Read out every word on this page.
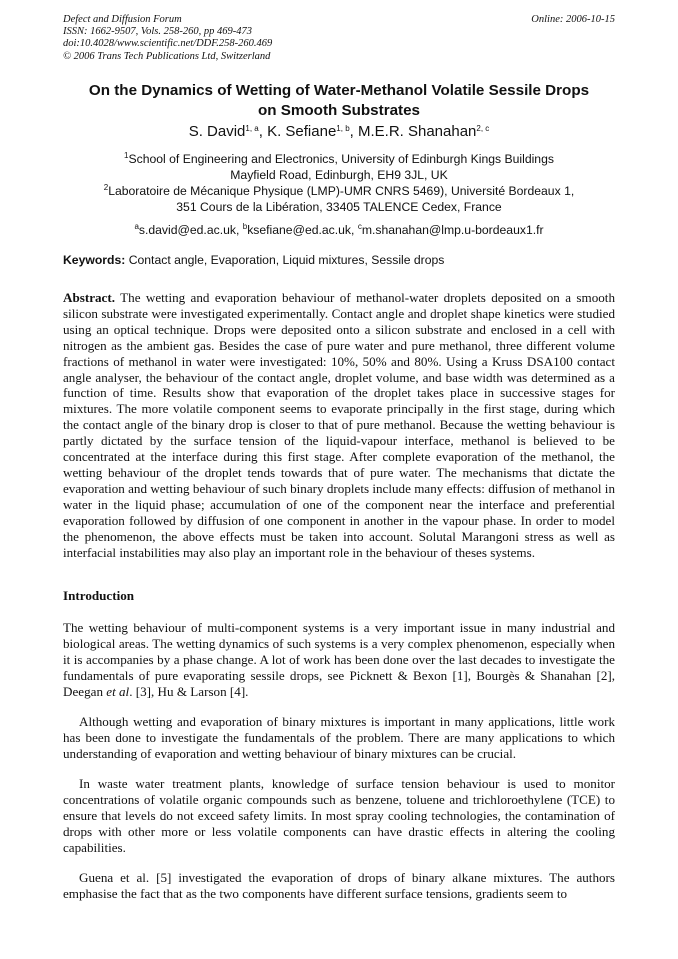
Defect and Diffusion Forum
ISSN: 1662-9507, Vols. 258-260, pp 469-473
doi:10.4028/www.scientific.net/DDF.258-260.469
© 2006 Trans Tech Publications Ltd, Switzerland
Online: 2006-10-15
On the Dynamics of Wetting of Water-Methanol Volatile Sessile Drops
on Smooth Substrates
S. David$^{1, a}$, K. Sefiane$^{1, b}$, M.E.R. Shanahan$^{2, c}$
$^1$School of Engineering and Electronics, University of Edinburgh Kings Buildings
Mayfield Road, Edinburgh, EH9 3JL, UK
$^2$Laboratoire de Mécanique Physique (LMP)-UMR CNRS 5469), Université Bordeaux 1,
351 Cours de la Libération, 33405 TALENCE Cedex, France
$^a$s.david@ed.ac.uk, $^b$ksefiane@ed.ac.uk, $^c$m.shanahan@lmp.u-bordeaux1.fr
Keywords: Contact angle, Evaporation, Liquid mixtures, Sessile drops
Abstract. The wetting and evaporation behaviour of methanol-water droplets deposited on a smooth silicon substrate were investigated experimentally. Contact angle and droplet shape kinetics were studied using an optical technique. Drops were deposited onto a silicon substrate and enclosed in a cell with nitrogen as the ambient gas. Besides the case of pure water and pure methanol, three different volume fractions of methanol in water were investigated: 10%, 50% and 80%. Using a Kruss DSA100 contact angle analyser, the behaviour of the contact angle, droplet volume, and base width was determined as a function of time. Results show that evaporation of the droplet takes place in successive stages for mixtures. The more volatile component seems to evaporate principally in the first stage, during which the contact angle of the binary drop is closer to that of pure methanol. Because the wetting behaviour is partly dictated by the surface tension of the liquid-vapour interface, methanol is believed to be concentrated at the interface during this first stage. After complete evaporation of the methanol, the wetting behaviour of the droplet tends towards that of pure water. The mechanisms that dictate the evaporation and wetting behaviour of such binary droplets include many effects: diffusion of methanol in water in the liquid phase; accumulation of one of the component near the interface and preferential evaporation followed by diffusion of one component in another in the vapour phase. In order to model the phenomenon, the above effects must be taken into account. Solutal Marangoni stress as well as interfacial instabilities may also play an important role in the behaviour of theses systems.
Introduction
The wetting behaviour of multi-component systems is a very important issue in many industrial and biological areas. The wetting dynamics of such systems is a very complex phenomenon, especially when it is accompanies by a phase change. A lot of work has been done over the last decades to investigate the fundamentals of pure evaporating sessile drops, see Picknett & Bexon [1], Bourgès & Shanahan [2], Deegan et al. [3], Hu & Larson [4].
Although wetting and evaporation of binary mixtures is important in many applications, little work has been done to investigate the fundamentals of the problem. There are many applications to which understanding of evaporation and wetting behaviour of binary mixtures can be crucial.
In waste water treatment plants, knowledge of surface tension behaviour is used to monitor concentrations of volatile organic compounds such as benzene, toluene and trichloroethylene (TCE) to ensure that levels do not exceed safety limits. In most spray cooling technologies, the contamination of drops with other more or less volatile components can have drastic effects in altering the cooling capabilities.
Guena et al. [5] investigated the evaporation of drops of binary alkane mixtures. The authors emphasise the fact that as the two components have different surface tensions, gradients seem to
